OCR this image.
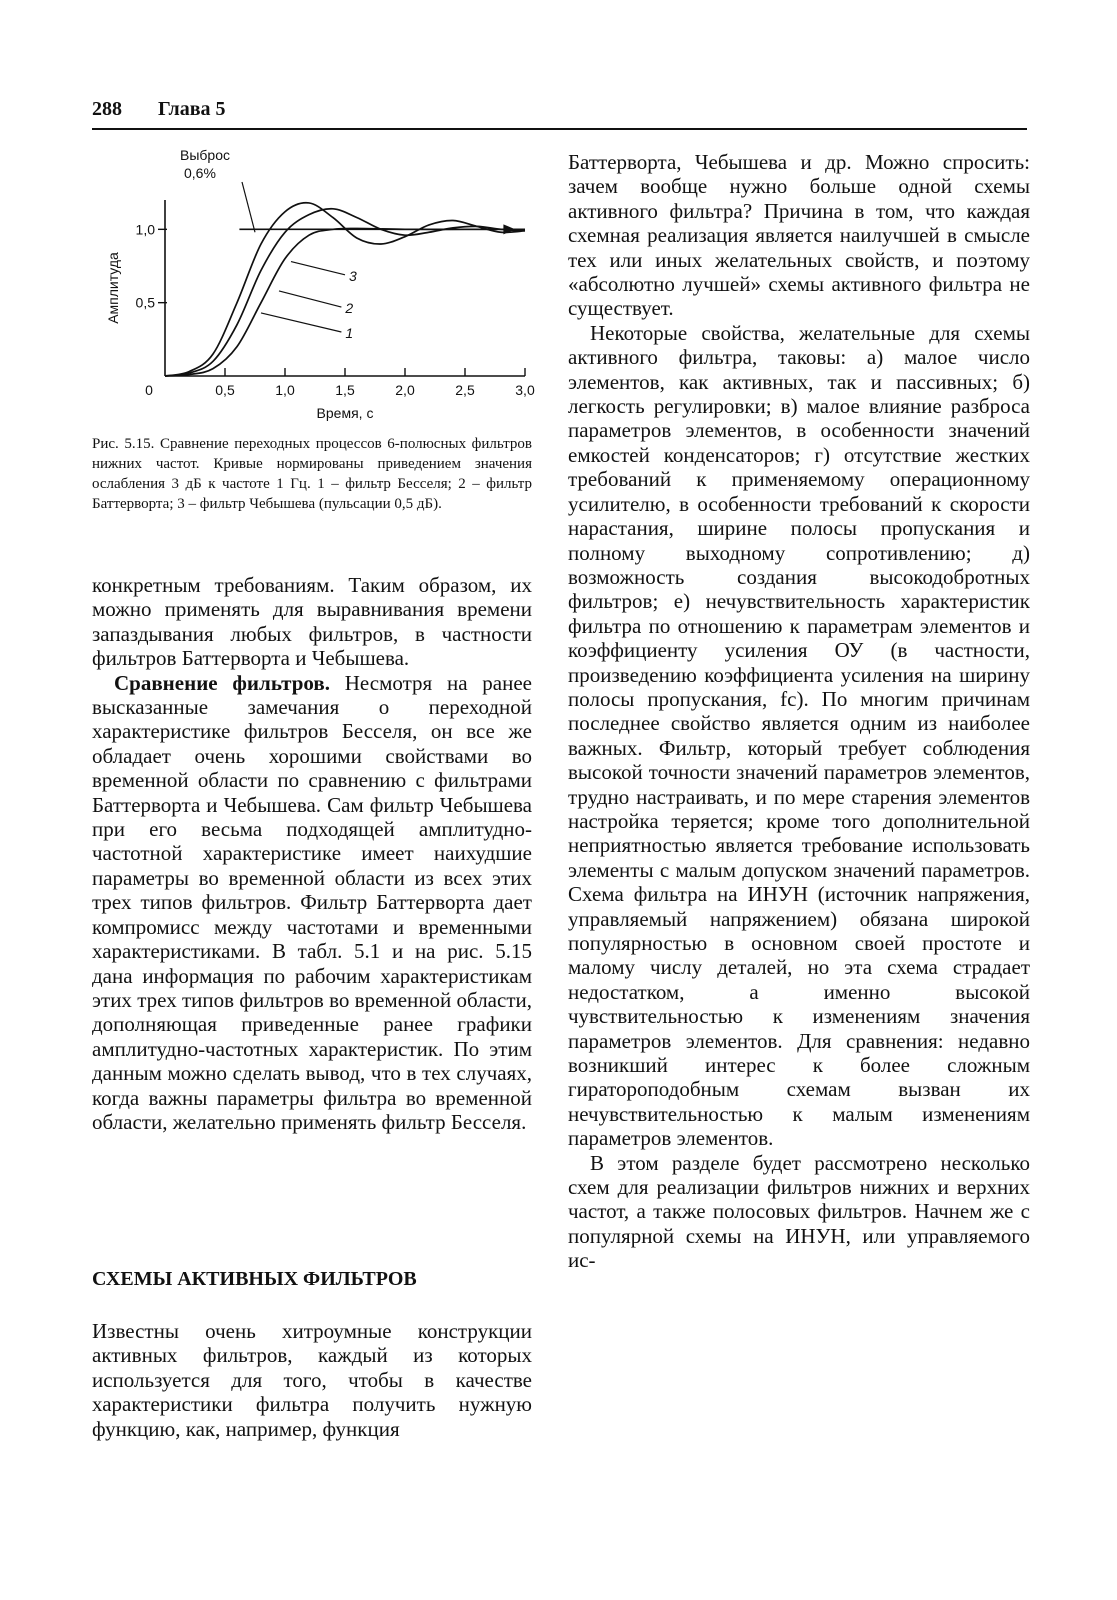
288 Глава 5
0	0,5	1,0	1,5	2,0	2,5	3,0
0,5
1,0
Время, с
Амплитуда
1
2
3
Выброс
0,6%
Рис. 5.15. Сравнение переходных процессов 6-полюсных фильтров нижних частот. Кривые нормированы приведением значения ослабления 3 дБ к частоте 1 Гц. 1 – фильтр Бесселя; 2 – фильтр Баттерворта; 3 – фильтр Чебышева (пульсации 0,5 дБ).

конкретным требованиям. Таким образом, их можно применять для выравнивания времени запаздывания любых фильтров, в частности фильтров Баттерворта и Чебышева.

Сравнение фильтров. Несмотря на ранее высказанные замечания о переходной характеристике фильтров Бесселя, он все же обладает очень хорошими свойствами во временной области по сравнению с фильтрами Баттерворта и Чебышева. Сам фильтр Чебышева при его весьма подходящей амплитудно-частотной характеристике имеет наихудшие параметры во временной области из всех этих трех типов фильтров. Фильтр Баттерворта дает компромисс между частотами и временными характеристиками. В табл. 5.1 и на рис. 5.15 дана информация по рабочим характеристикам этих трех типов фильтров во временной области, дополняющая приведенные ранее графики амплитудно-частотных характеристик. По этим данным можно сделать вывод, что в тех случаях, когда важны параметры фильтра во временной области, желательно применять фильтр Бесселя.

СХЕМЫ АКТИВНЫХ ФИЛЬТРОВ

Известны очень хитроумные конструкции активных фильтров, каждый из которых используется для того, чтобы в качестве характеристики фильтра получить нужную функцию, как, например, функция

Баттерворта, Чебышева и др. Можно спросить: зачем вообще нужно больше одной схемы активного фильтра? Причина в том, что каждая схемная реализация является наилучшей в смысле тех или иных желательных свойств, и поэтому «абсолютно лучшей» схемы активного фильтра не существует.

Некоторые свойства, желательные для схемы активного фильтра, таковы: а) малое число элементов, как активных, так и пассивных; б) легкость регулировки; в) малое влияние разброса параметров элементов, в особенности значений емкостей конденсаторов; г) отсутствие жестких требований к применяемому операционному усилителю, в особенности требований к скорости нарастания, ширине полосы пропускания и полному выходному сопротивлению; д) возможность создания высокодобротных фильтров; е) нечувствительность характеристик фильтра по отношению к параметрам элементов и коэффициенту усиления ОУ (в частности, произведению коэффициента усиления на ширину полосы пропускания, fс). По многим причинам последнее свойство является одним из наиболее важных. Фильтр, который требует соблюдения высокой точности значений параметров элементов, трудно настраивать, и по мере старения элементов настройка теряется; кроме того дополнительной неприятностью является требование использовать элементы с малым допуском значений параметров. Схема фильтра на ИНУН (источник напряжения, управляемый напряжением) обязана широкой популярностью в основном своей простоте и малому числу деталей, но эта схема страдает недостатком, а именно высокой чувствительностью к изменениям значения параметров элементов. Для сравнения: недавно возникший интерес к более сложным гиратороподобным схемам вызван их нечувствительностью к малым изменениям параметров элементов.

В этом разделе будет рассмотрено несколько схем для реализации фильтров нижних и верхних частот, а также полосовых фильтров. Начнем же с популярной схемы на ИНУН, или управляемого ис-
